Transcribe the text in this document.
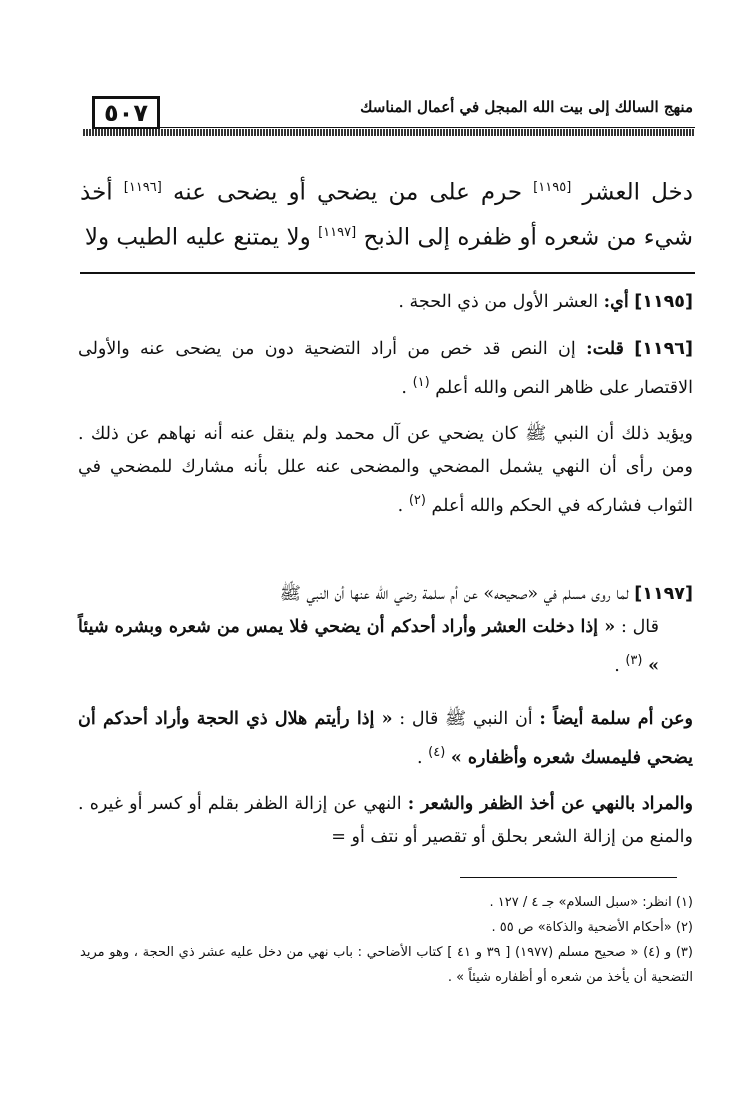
٥٠٧	منهج السالك إلى بيت الله المبجل في أعمال المناسك
دخل العشر [١١٩٥] حرم على من يضحي أو يضحى عنه [١١٩٦] أخذ شيء من شعره أو ظفره إلى الذبح [١١٩٧] ولا يمتنع عليه الطيب ولا
[١١٩٥] أي: العشر الأول من ذي الحجة .
[١١٩٦] قلت: إن النص قد خص من أراد التضحية دون من يضحى عنه والأولى الاقتصار على ظاهر النص والله أعلم $^{(١)}$ .
ويؤيد ذلك أن النبي ﷺ كان يضحي عن آل محمد ولم ينقل عنه أنه نهاهم عن ذلك . ومن رأى أن النهي يشمل المضحي والمضحى عنه علل بأنه مشارك للمضحي في الثواب فشاركه في الحكم والله أعلم $^{(٢)}$ .
[١١٩٧] لما روى مسلم في «صحيحه» عن أم سلمة رضي الله عنها أن النبي ﷺ
قال : « إذا دخلت العشر وأراد أحدكم أن يضحي فلا يمس من شعره وبشره شيئاً » $^{(٣)}$ .
وعن أم سلمة أيضاً : أن النبي ﷺ قال : « إذا رأيتم هلال ذي الحجة وأراد أحدكم أن يضحي فليمسك شعره وأظفاره » $^{(٤)}$ .
والمراد بالنهي عن أخذ الظفر والشعر : النهي عن إزالة الظفر بقلم أو كسر أو غيره . والمنع من إزالة الشعر بحلق أو تقصير أو نتف أو =
(١) انظر: «سبل السلام» جـ ٤ / ١٢٧ .
(٢) «أحكام الأضحية والذكاة» ص ٥٥ .
(٣) و (٤) « صحيح مسلم (١٩٧٧) [ ٣٩ و ٤١ ] كتاب الأضاحي : باب نهي من دخل عليه عشر ذي الحجة ، وهو مريد التضحية أن يأخذ من شعره أو أظفاره شيئاً » .
